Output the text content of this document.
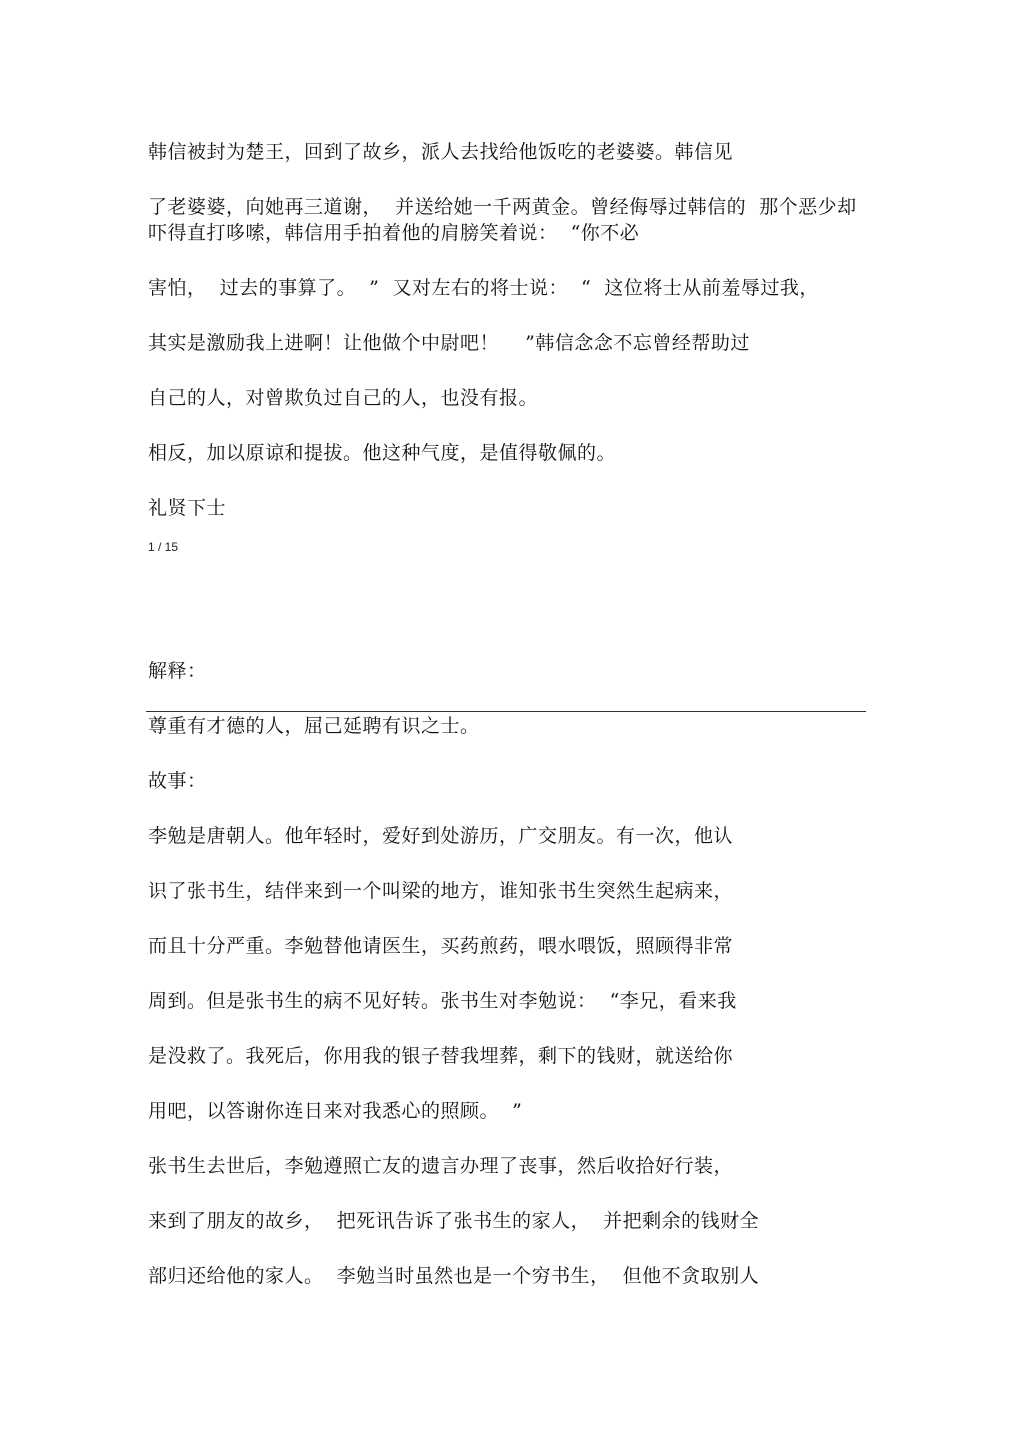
韩信被封为楚王，回到了故乡，派人去找给他饭吃的老婆婆。韩信见
了老婆婆，向她再三道谢，  并送给她一千两黄金。曾经侮辱过韩信的  那个恶少却
吓得直打哆嗦，韩信用手拍着他的肩膀笑着说：  “你不必
害怕，  过去的事算了。  ”  又对左右的将士说：  “  这位将士从前羞辱过我，
其实是激励我上进啊！让他做个中尉吧！    ”韩信念念不忘曾经帮助过
自己的人，对曾欺负过自己的人，也没有报。
相反，加以原谅和提拔。他这种气度，是值得敬佩的。
礼贤下士
1 / 15
解释：
尊重有才德的人，屈己延聘有识之士。
故事：
李勉是唐朝人。他年轻时，爱好到处游历，广交朋友。有一次，他认
识了张书生，结伴来到一个叫梁的地方，谁知张书生突然生起病来，
而且十分严重。李勉替他请医生，买药煎药，喂水喂饭，照顾得非常
周到。但是张书生的病不见好转。张书生对李勉说：  “李兄，看来我
是没救了。我死后，你用我的银子替我埋葬，剩下的钱财，就送给你
用吧，以答谢你连日来对我悉心的照顾。  ”
张书生去世后，李勉遵照亡友的遗言办理了丧事，然后收拾好行装，
来到了朋友的故乡，  把死讯告诉了张书生的家人，  并把剩余的钱财全
部归还给他的家人。  李勉当时虽然也是一个穷书生，  但他不贪取别人
